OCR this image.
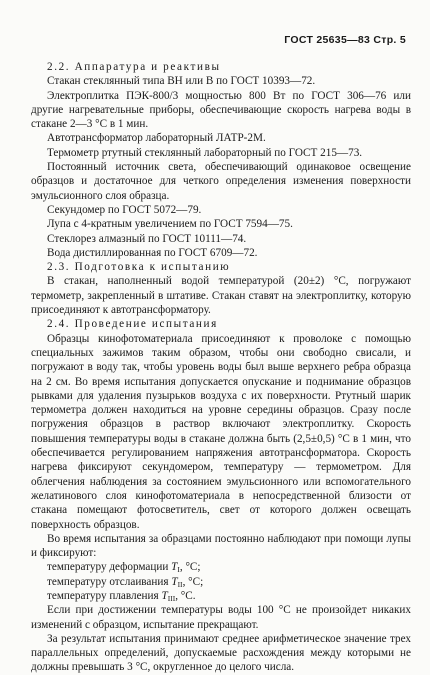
ГОСТ 25635—83 Стр. 5

2.2. Аппаратура и реактивы

Стакан стеклянный типа ВН или В по ГОСТ 10393—72.

Электроплитка ПЭК-800/3 мощностью 800 Вт по ГОСТ 306—76 или другие нагревательные приборы, обеспечивающие скорость нагрева воды в стакане 2—3 °С в 1 мин.

Автотрансформатор лабораторный ЛАТР-2М.

Термометр ртутный стеклянный лабораторный по ГОСТ 215—73.

Постоянный источник света, обеспечивающий одинаковое освещение образцов и достаточное для четкого определения изменения поверхности эмульсионного слоя образца.

Секундомер по ГОСТ 5072—79.

Лупа с 4-кратным увеличением по ГОСТ 7594—75.

Стеклорез алмазный по ГОСТ 10111—74.

Вода дистиллированная по ГОСТ 6709—72.

2.3. Подготовка к испытанию

В стакан, наполненный водой температурой (20±2) °С, погружают термометр, закрепленный в штативе. Стакан ставят на электроплитку, которую присоединяют к автотрансформатору.

2.4. Проведение испытания

Образцы кинофотоматериала присоединяют к проволоке с помощью специальных зажимов таким образом, чтобы они свободно свисали, и погружают в воду так, чтобы уровень воды был выше верхнего ребра образца на 2 см. Во время испытания допускается опускание и поднимание образцов рывками для удаления пузырьков воздуха с их поверхности. Ртутный шарик термометра должен находиться на уровне середины образцов. Сразу после погружения образцов в раствор включают электроплитку. Скорость повышения температуры воды в стакане должна быть (2,5±0,5) °С в 1 мин, что обеспечивается регулированием напряжения автотрансформатора. Скорость нагрева фиксируют секундомером, температуру — термометром. Для облегчения наблюдения за состоянием эмульсионного или вспомогательного желатинового слоя кинофотоматериала в непосредственной близости от стакана помещают фотосветитель, свет от которого должен освещать поверхность образцов.

Во время испытания за образцами постоянно наблюдают при помощи лупы и фиксируют:

температуру деформации $T_I$, °С;

температуру отслаивания $T_{II}$, °С;

температуру плавления $T_{III}$, °С.

Если при достижении температуры воды 100 °С не произойдет никаких изменений с образцом, испытание прекращают.

За результат испытания принимают среднее арифметическое значение трех параллельных определений, допускаемые расхождения между которыми не должны превышать 3 °С, округленное до целого числа.
